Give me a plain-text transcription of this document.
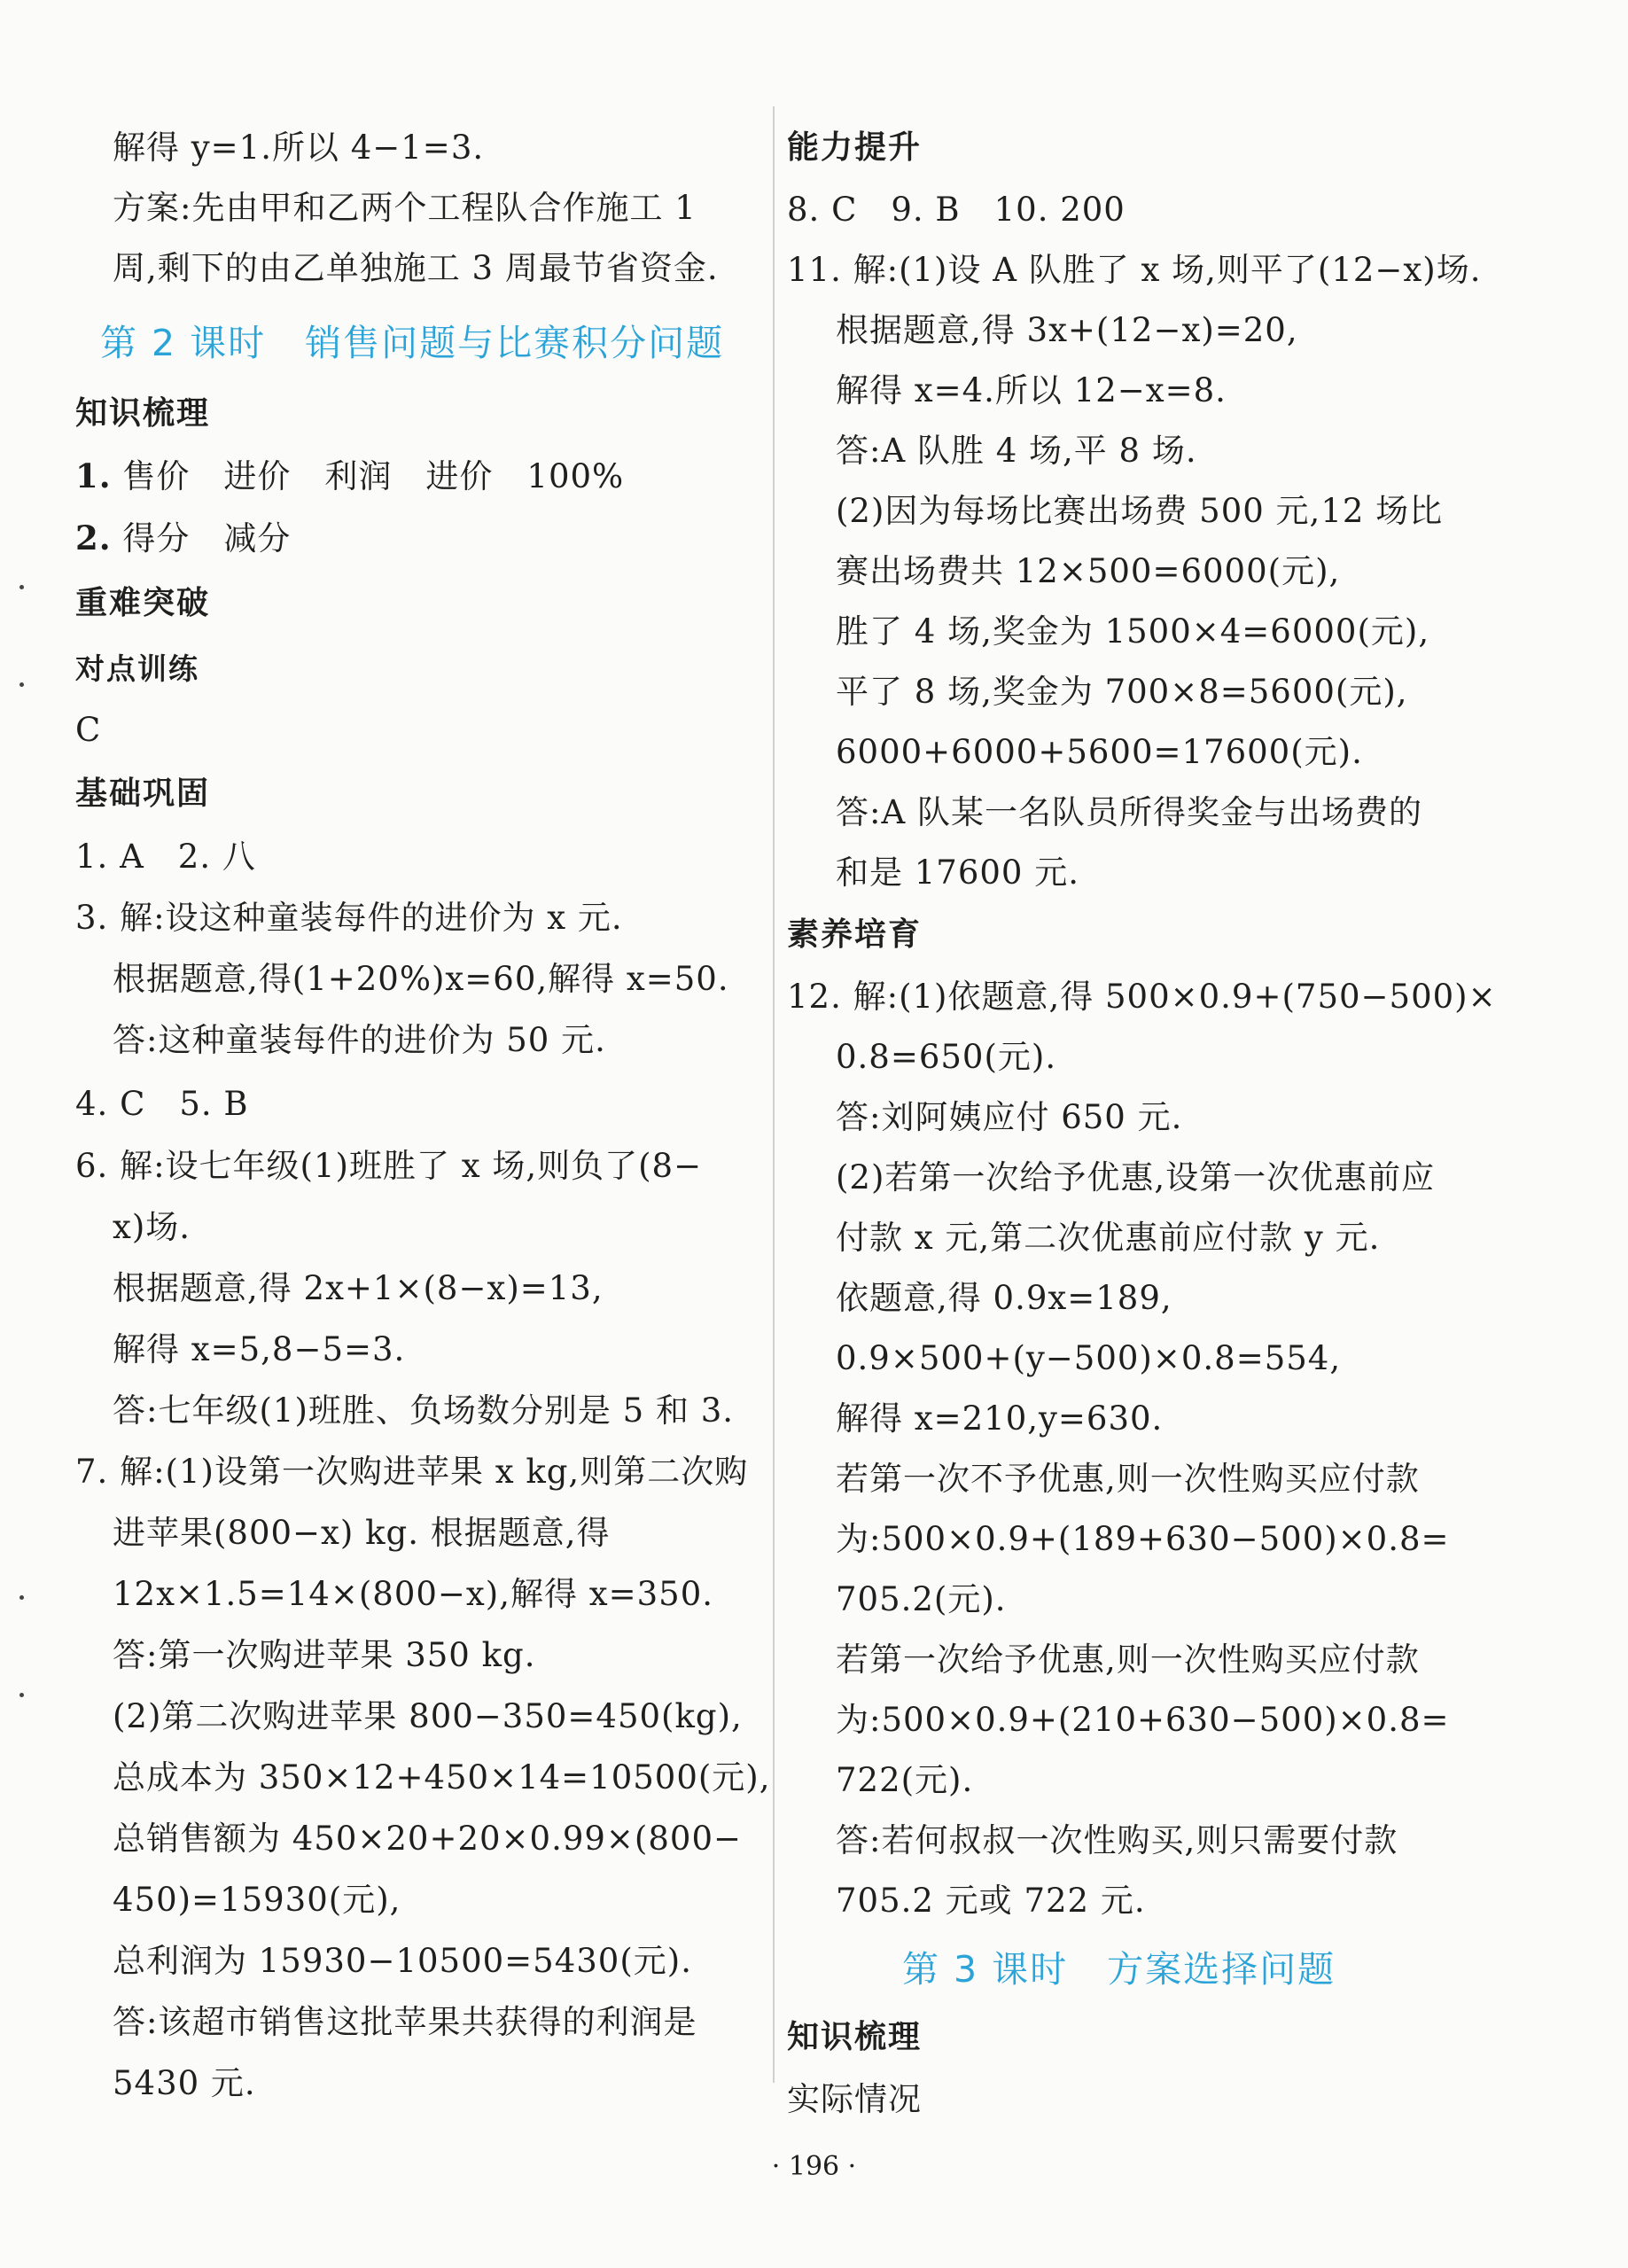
解得 y=1.所以 4−1=3.
方案:先由甲和乙两个工程队合作施工 1
周,剩下的由乙单独施工 3 周最节省资金.
第 2 课时 销售问题与比赛积分问题
知识梳理
1. 售价　进价　利润　进价　100%
2. 得分　减分
重难突破
对点训练
C
基础巩固
1. A　2. 八
3. 解:设这种童装每件的进价为 x 元.
根据题意,得(1+20%)x=60,解得 x=50.
答:这种童装每件的进价为 50 元.
4. C　5. B
6. 解:设七年级(1)班胜了 x 场,则负了(8−
x)场.
根据题意,得 2x+1×(8−x)=13,
解得 x=5,8−5=3.
答:七年级(1)班胜、负场数分别是 5 和 3.
7. 解:(1)设第一次购进苹果 x kg,则第二次购
进苹果(800−x) kg. 根据题意,得
12x×1.5=14×(800−x),解得 x=350.
答:第一次购进苹果 350 kg.
(2)第二次购进苹果 800−350=450(kg),
总成本为 350×12+450×14=10500(元),
总销售额为 450×20+20×0.99×(800−
450)=15930(元),
总利润为 15930−10500=5430(元).
答:该超市销售这批苹果共获得的利润是
5430 元.
能力提升
8. C　9. B　10. 200
11. 解:(1)设 A 队胜了 x 场,则平了(12−x)场.
根据题意,得 3x+(12−x)=20,
解得 x=4.所以 12−x=8.
答:A 队胜 4 场,平 8 场.
(2)因为每场比赛出场费 500 元,12 场比
赛出场费共 12×500=6000(元),
胜了 4 场,奖金为 1500×4=6000(元),
平了 8 场,奖金为 700×8=5600(元),
6000+6000+5600=17600(元).
答:A 队某一名队员所得奖金与出场费的
和是 17600 元.
素养培育
12. 解:(1)依题意,得 500×0.9+(750−500)×
0.8=650(元).
答:刘阿姨应付 650 元.
(2)若第一次给予优惠,设第一次优惠前应
付款 x 元,第二次优惠前应付款 y 元.
依题意,得 0.9x=189,
0.9×500+(y−500)×0.8=554,
解得 x=210,y=630.
若第一次不予优惠,则一次性购买应付款
为:500×0.9+(189+630−500)×0.8=
705.2(元).
若第一次给予优惠,则一次性购买应付款
为:500×0.9+(210+630−500)×0.8=
722(元).
答:若何叔叔一次性购买,则只需要付款
705.2 元或 722 元.
第 3 课时 方案选择问题
知识梳理
实际情况
· 196 ·
